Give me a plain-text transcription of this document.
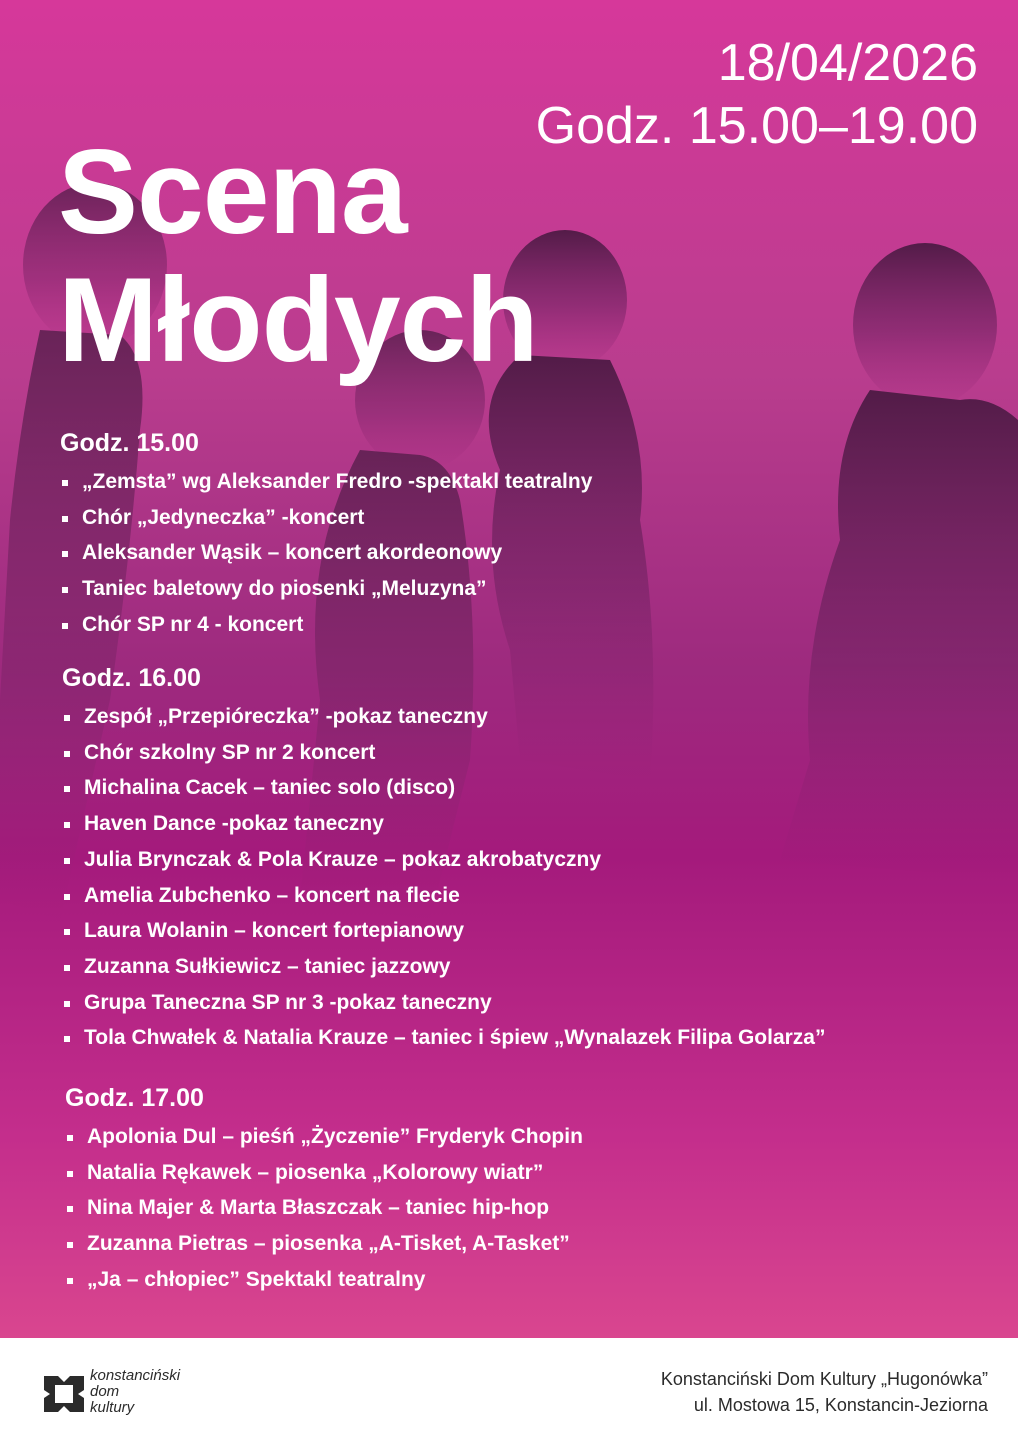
18/04/2026
Godz. 15.00–19.00
Scena
Młodych
Godz. 15.00
„Zemsta” wg Aleksander Fredro -spektakl teatralny
Chór „Jedyneczka” -koncert
Aleksander Wąsik – koncert akordeonowy
Taniec baletowy do piosenki „Meluzyna”
Chór SP nr 4 - koncert
Godz. 16.00
Zespół „Przepióreczka” -pokaz taneczny
Chór szkolny SP nr 2 koncert
Michalina Cacek – taniec solo (disco)
Haven Dance -pokaz taneczny
Julia Brynczak & Pola Krauze – pokaz akrobatyczny
Amelia Zubchenko – koncert na flecie
Laura Wolanin – koncert fortepianowy
Zuzanna Sułkiewicz – taniec jazzowy
Grupa Taneczna SP nr 3 -pokaz taneczny
Tola Chwałek & Natalia Krauze – taniec i śpiew „Wynalazek Filipa Golarza”
Godz. 17.00
Apolonia Dul – pieśń „Życzenie” Fryderyk Chopin
Natalia Rękawek – piosenka „Kolorowy wiatr”
Nina Majer & Marta Błaszczak – taniec hip-hop
Zuzanna Pietras – piosenka „A-Tisket, A-Tasket”
„Ja – chłopiec” Spektakl teatralny
konstanciński
dom
kultury
Konstanciński Dom Kultury „Hugonówka”
ul. Mostowa 15, Konstancin-Jeziorna
